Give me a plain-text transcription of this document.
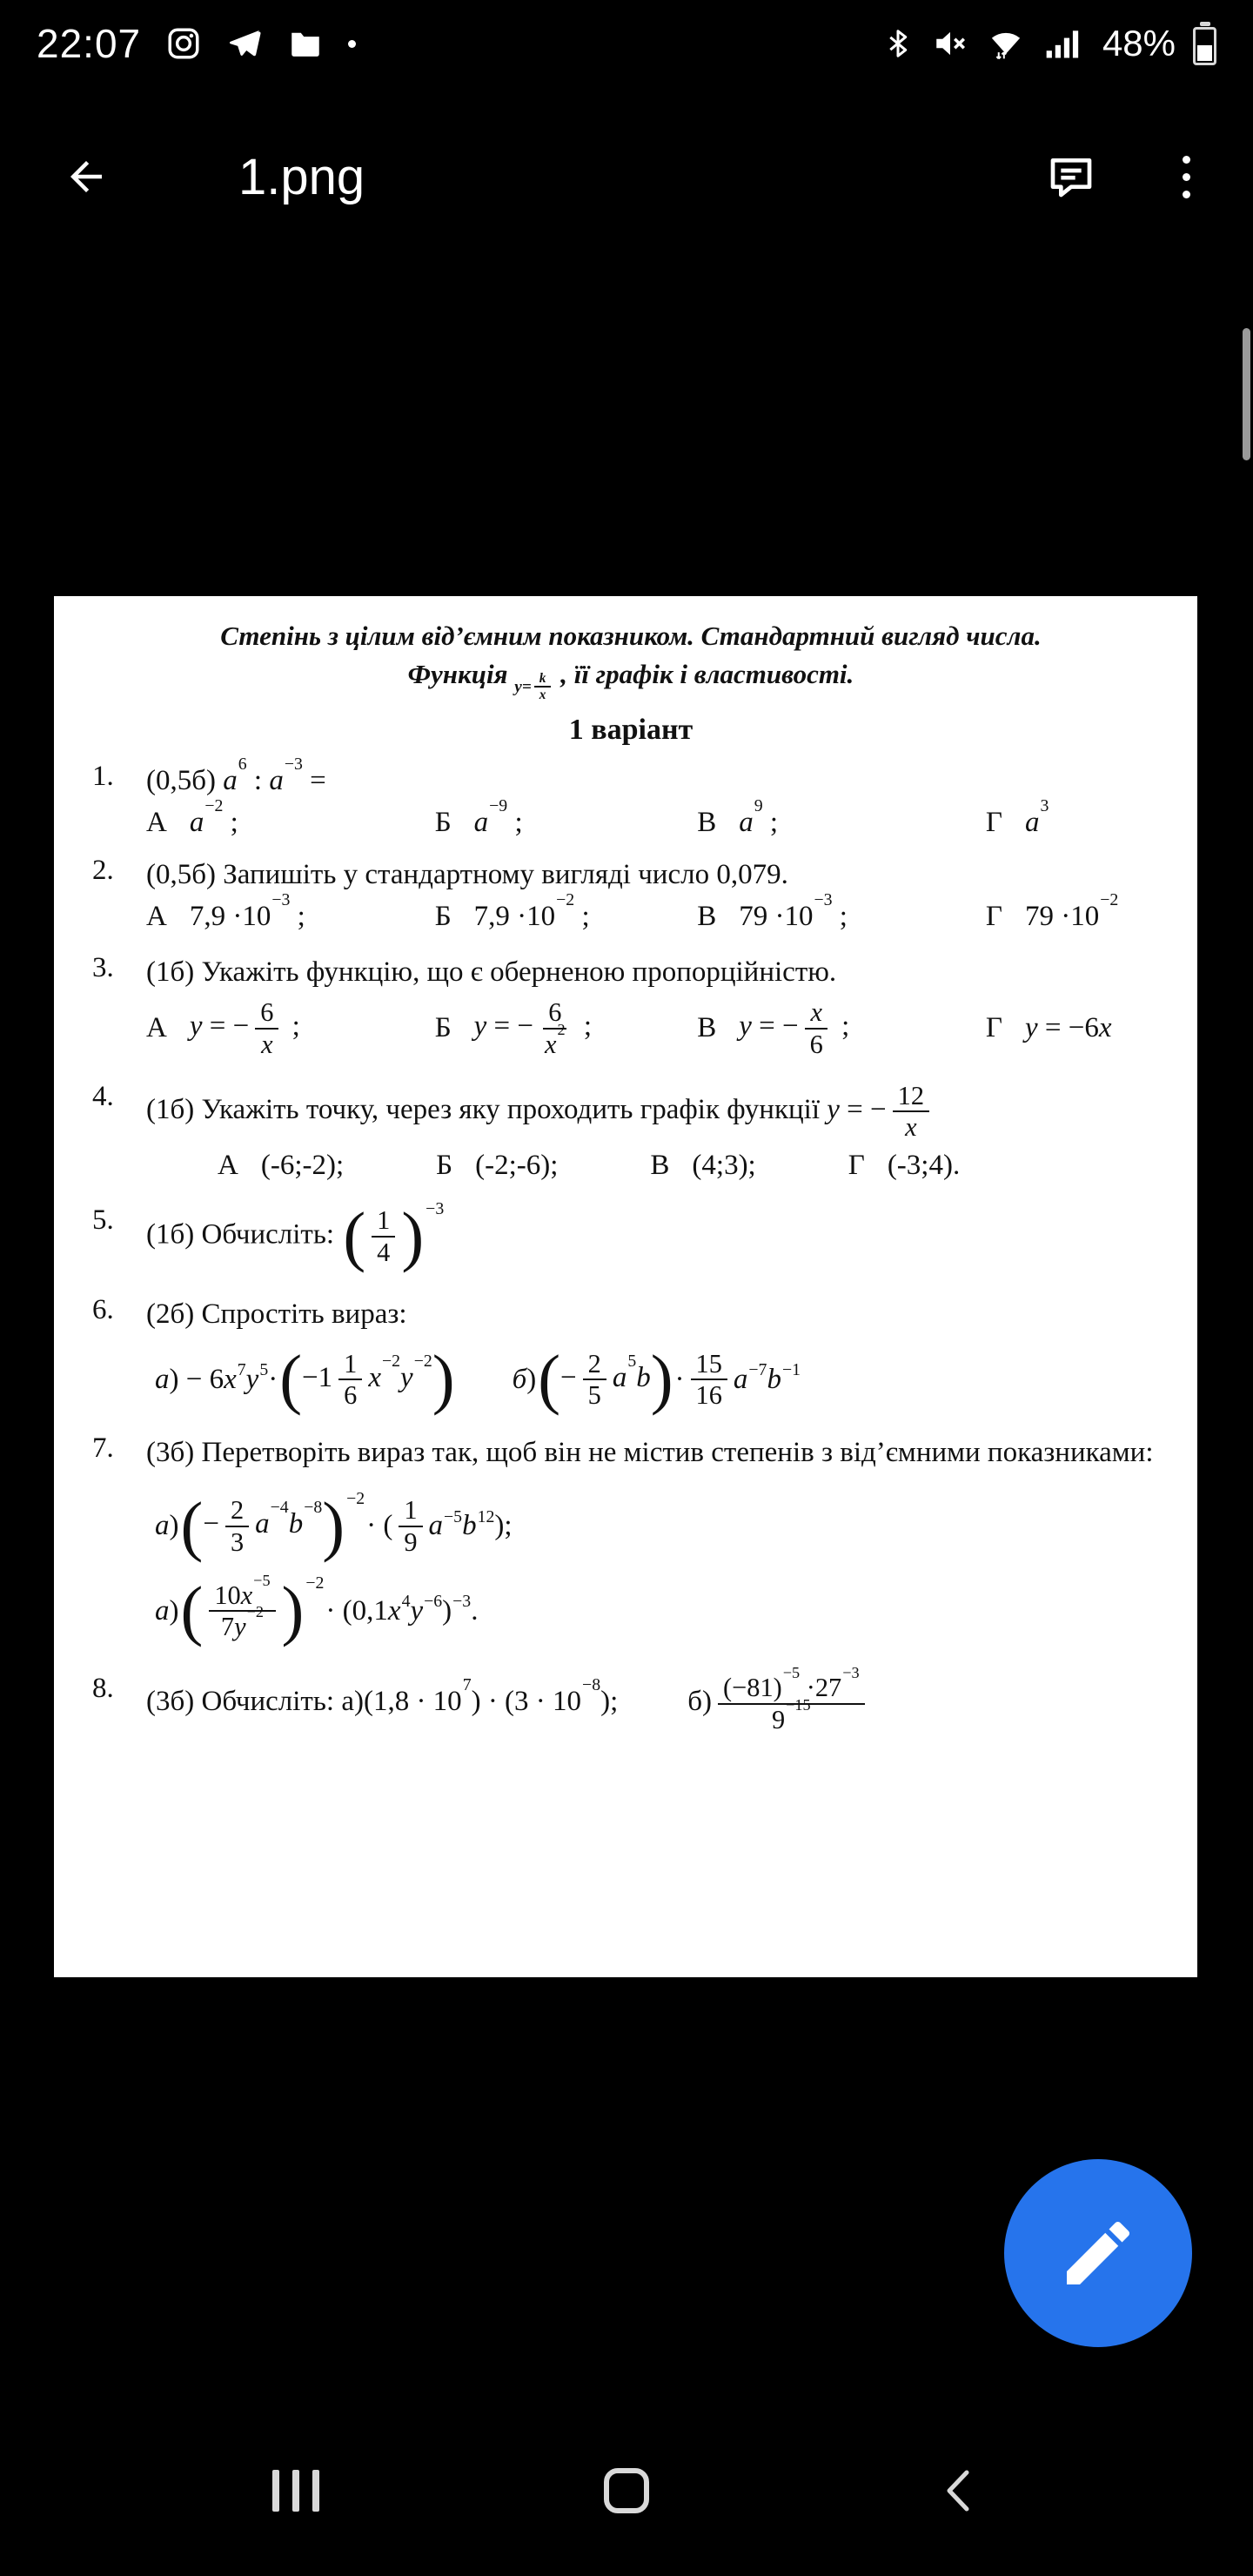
22:07	48%
1.png
Степінь з цілим від’ємним показником. Стандартний вигляд числа.
Функція $y = \frac{k}{x}$ , її графік і властивості.
1 варіант
1.	(0,5б) $a^6$ : $a^{-3}$ =
А $a^{-2}$ ;	Б $a^{-9}$ ;	В $a^9$ ;	Г $a^3$
2.	(0,5б) Запишіть у стандартному вигляді число 0,079.
А $7,9 \cdot 10^{-3}$ ;	Б $7,9 \cdot 10^{-2}$ ;	В $79 \cdot 10^{-3}$ ;	Г $79 \cdot 10^{-2}$
3.	(1б) Укажіть функцію, що є оберненою пропорційністю.
А y = − $\frac{6}{x}$ ;	Б y = − $\frac{6}{x^2}$ ;	В y = − $\frac{x}{6}$ ;	Г y = −6x
4.	(1б) Укажіть точку, через яку проходить графік функції y = − $\frac{12}{x}$
А (-6;-2);	Б (-2;-6);	В (4;3);	Г (-3;4).
5.	(1б) Обчисліть: ( $\frac{1}{4}$ ) $^{-3}$
6.	(2б) Спростіть вираз:
а ) − 6 $x^7$ $y^5$ · ( $-1 \frac{1}{6} x^{-2}y^{-2}$ ) б ) ( − $\frac{2}{5} a^5b$ ) · $\frac{15}{16} a^{-7}$ $b^{-1}$
7.	(3б) Перетворіть вираз так, щоб він не містив степенів з від’ємними показниками:
а ) ( − $\frac{2}{3} a^{-4}b^{-8}$ ) $^{-2}$
· ( $\frac{1}{9} a^{-5}$ $b^{12}$ );
а ) ( $\frac{10x^{-5}}{7y^{-2}}$ ) $^{-2}$
· (0,1 $x^4$ $y^{-6}$ )$^{-3}$ .
8.	(3б) Обчисліть: $а)(1,8 \cdot 10^7) \cdot (3 \cdot 10^{-8})$; $б) \frac{(-81)^{-5} \cdot 27^{-3}}{9^{-15}}$
